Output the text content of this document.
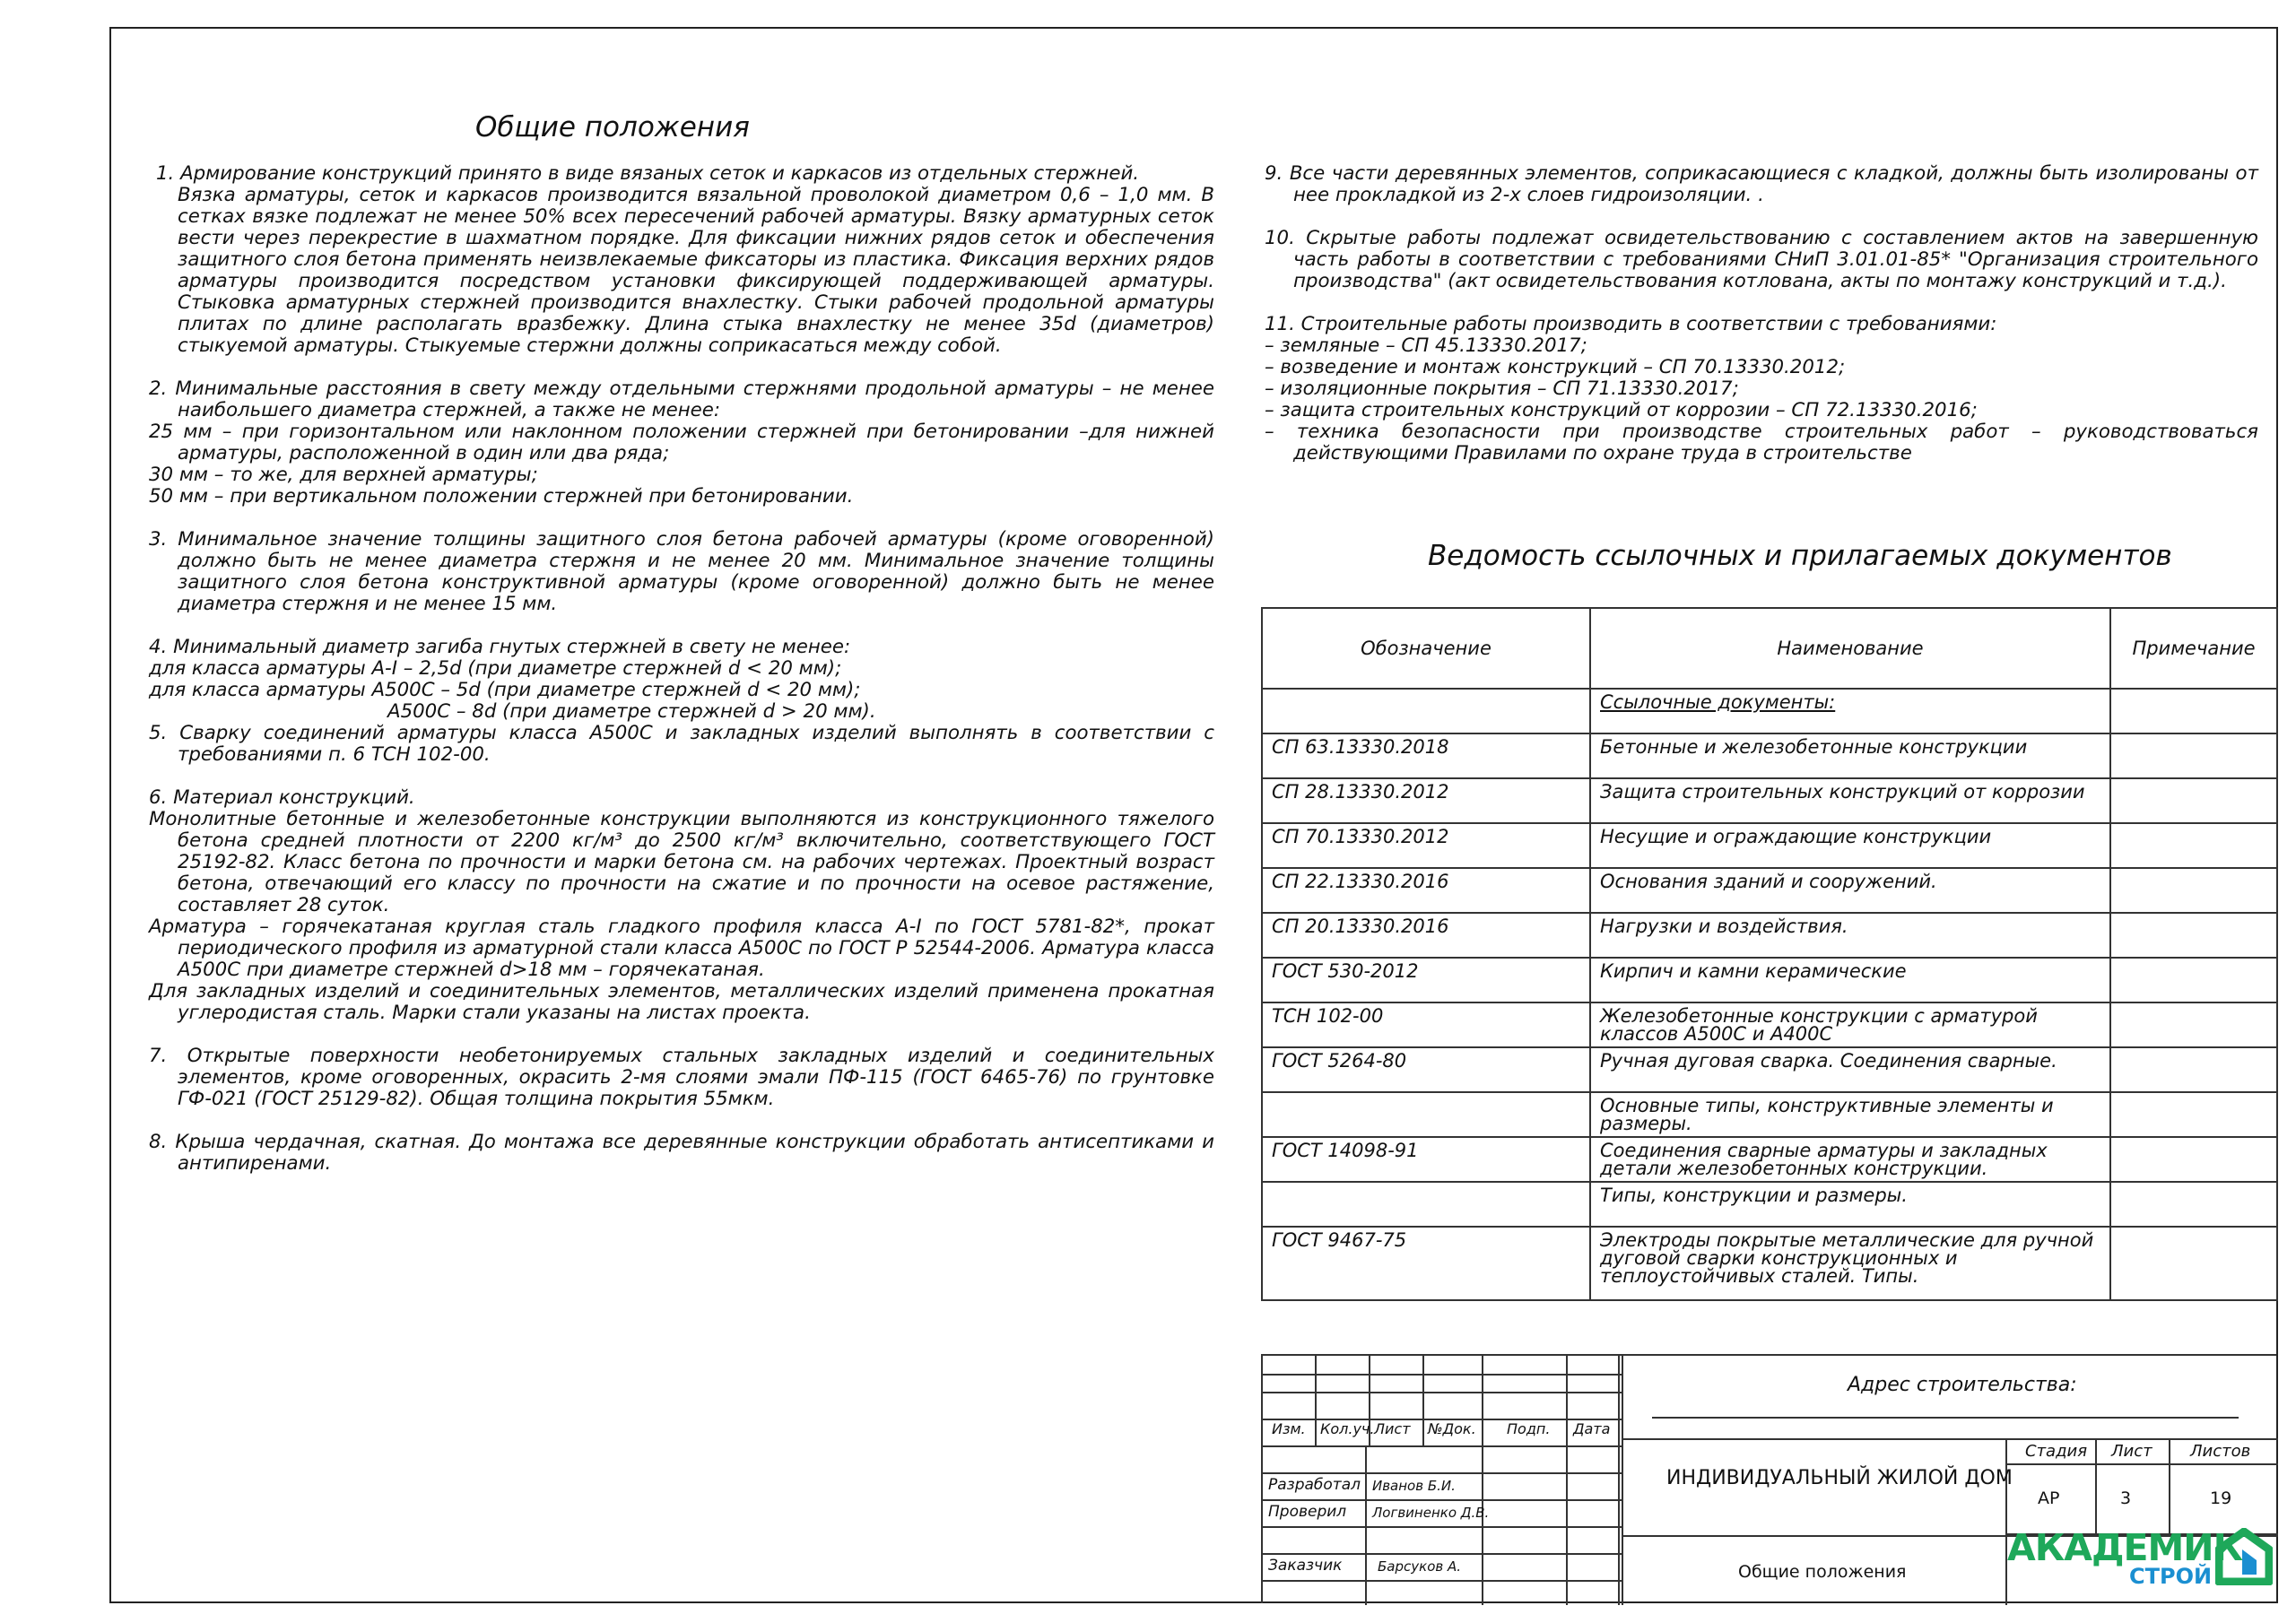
Общие положения

1. Армирование конструкций принято в виде вязаных сеток и каркасов из отдельных стержней.

Вязка арматуры, сеток и каркасов производится вязальной проволокой диаметром 0,6 – 1,0 мм. В сетках вязке подлежат не менее 50% всех пересечений рабочей арматуры. Вязку арматурных сеток вести через перекрестие в шахматном порядке. Для фиксации нижних рядов сеток и обеспечения защитного слоя бетона применять неизвлекаемые фиксаторы из пластика. Фиксация верхних рядов арматуры производится посредством установки фиксирующей поддерживающей арматуры. Стыковка арматурных стержней производится внахлестку. Стыки рабочей продольной арматуры плитах по длине располагать вразбежку. Длина стыка внахлестку не менее 35d (диаметров) стыкуемой арматуры. Стыкуемые стержни должны соприкасаться между собой.

2. Минимальные расстояния в свету между отдельными стержнями продольной арматуры – не менее наибольшего диаметра стержней, а также не менее:

25 мм – при горизонтальном или наклонном положении стержней при бетонировании –для нижней арматуры, расположенной в один или два ряда;

30 мм – то же, для верхней арматуры;

50 мм – при вертикальном положении стержней при бетонировании.

3. Минимальное значение толщины защитного слоя бетона рабочей арматуры (кроме оговоренной) должно быть не менее диаметра стержня и не менее 20 мм. Минимальное значение толщины защитного слоя бетона конструктивной арматуры (кроме оговоренной) должно быть не менее диаметра стержня и не менее 15 мм.

4. Минимальный диаметр загиба гнутых стержней в свету не менее:

для класса арматуры А-I – 2,5d (при диаметре стержней d < 20 мм);

для класса арматуры А500С – 5d (при диаметре стержней d < 20 мм);

А500С – 8d (при диаметре стержней d > 20 мм).

5. Сварку соединений арматуры класса А500С и закладных изделий выполнять в соответствии с требованиями п. 6 ТСН 102-00.

6. Материал конструкций.

Монолитные бетонные и железобетонные конструкции выполняются из конструкционного тяжелого бетона средней плотности от 2200 кг/м³ до 2500 кг/м³ включительно, соответствующего ГОСТ 25192-82. Класс бетона по прочности и марки бетона см. на рабочих чертежах. Проектный возраст бетона, отвечающий его классу по прочности на сжатие и по прочности на осевое растяжение, составляет 28 суток.

Арматура – горячекатаная круглая сталь гладкого профиля класса А-I по ГОСТ 5781-82*, прокат периодического профиля из арматурной стали класса А500С по ГОСТ Р 52544-2006. Арматура класса А500С при диаметре стержней d>18 мм – горячекатаная.

Для закладных изделий и соединительных элементов, металлических изделий применена прокатная углеродистая сталь. Марки стали указаны на листах проекта.

7. Открытые поверхности необетонируемых стальных закладных изделий и соединительных элементов, кроме оговоренных, окрасить 2-мя слоями эмали ПФ-115 (ГОСТ 6465-76) по грунтовке ГФ-021 (ГОСТ 25129-82). Общая толщина покрытия 55мкм.

8. Крыша чердачная, скатная. До монтажа все деревянные конструкции обработать антисептиками и антипиренами.

9. Все части деревянных элементов, соприкасающиеся с кладкой, должны быть изолированы от нее прокладкой из 2-х слоев гидроизоляции. .

10. Скрытые работы подлежат освидетельствованию с составлением актов на завершенную часть работы в соответствии с требованиями СНиП 3.01.01-85* "Организация строительного производства" (акт освидетельствования котлована, акты по монтажу конструкций и т.д.).

11. Строительные работы производить в соответствии с требованиями:

– земляные – СП 45.13330.2017;

– возведение и монтаж конструкций – СП 70.13330.2012;

– изоляционные покрытия – СП 71.13330.2017;

– защита строительных конструкций от коррозии – СП 72.13330.2016;

– техника безопасности при производстве строительных работ – руководствоваться действующими Правилами по охране труда в строительстве

Ведомость ссылочных и прилагаемых документов
Обозначение	Наименование	Примечание
	Ссылочные документы:	
СП 63.13330.2018	Бетонные и железобетонные конструкции	
СП 28.13330.2012	Защита строительных конструкций от коррозии	
СП 70.13330.2012	Несущие и ограждающие конструкции	
СП 22.13330.2016	Основания зданий и сооружений.	
СП 20.13330.2016	Нагрузки и воздействия.	
ГОСТ 530-2012	Кирпич и камни керамические	
ТСН 102-00	Железобетонные конструкции с арматурой классов А500С и А400С	
ГОСТ 5264-80	Ручная дуговая сварка. Соединения сварные.	
	Основные типы, конструктивные элементы и размеры.	
ГОСТ 14098-91	Соединения сварные арматуры и закладных детали железобетонных конструкции.	
	Типы, конструкции и размеры.	
ГОСТ 9467-75	Электроды покрытые металлические для ручной дуговой сварки конструкционных и теплоустойчивых сталей. Типы.	
Изм. Кол.уч. Лист №Док. Подп. Дата
Разработал Иванов Б.И.
Проверил Логвиненко Д.В.
Заказчик	Барсуков А.
Адрес строительства:
ИНДИВИДУАЛЬНЫЙ ЖИЛОЙ ДОМ
Общие положения
Стадия Лист Листов
АР	3	19
АКАДЕМИК
СТРОЙ
